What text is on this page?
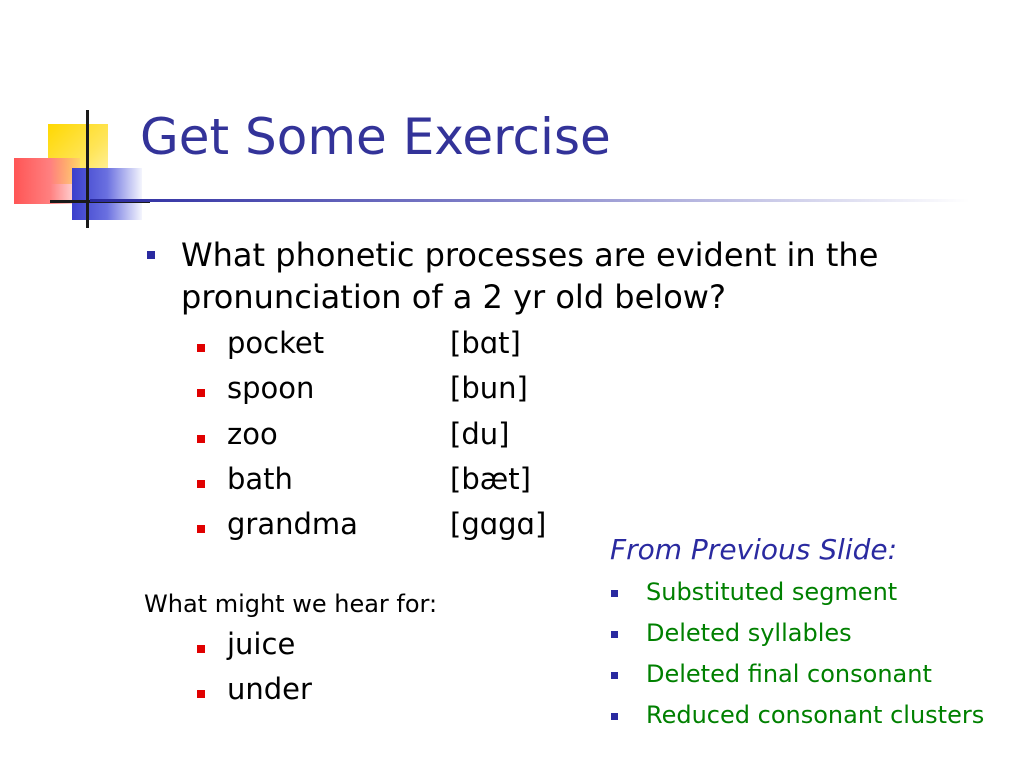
Get Some Exercise
What phonetic processes are evident in the pronunciation of a 2 yr old below?
pocket	[bɑt]
spoon	[bun]
zoo	[du]
bath	[bæt]
grandma	[gɑgɑ]
What might we hear for:
juice
under
From Previous Slide:
Substituted segment
Deleted syllables
Deleted final consonant
Reduced consonant clusters
